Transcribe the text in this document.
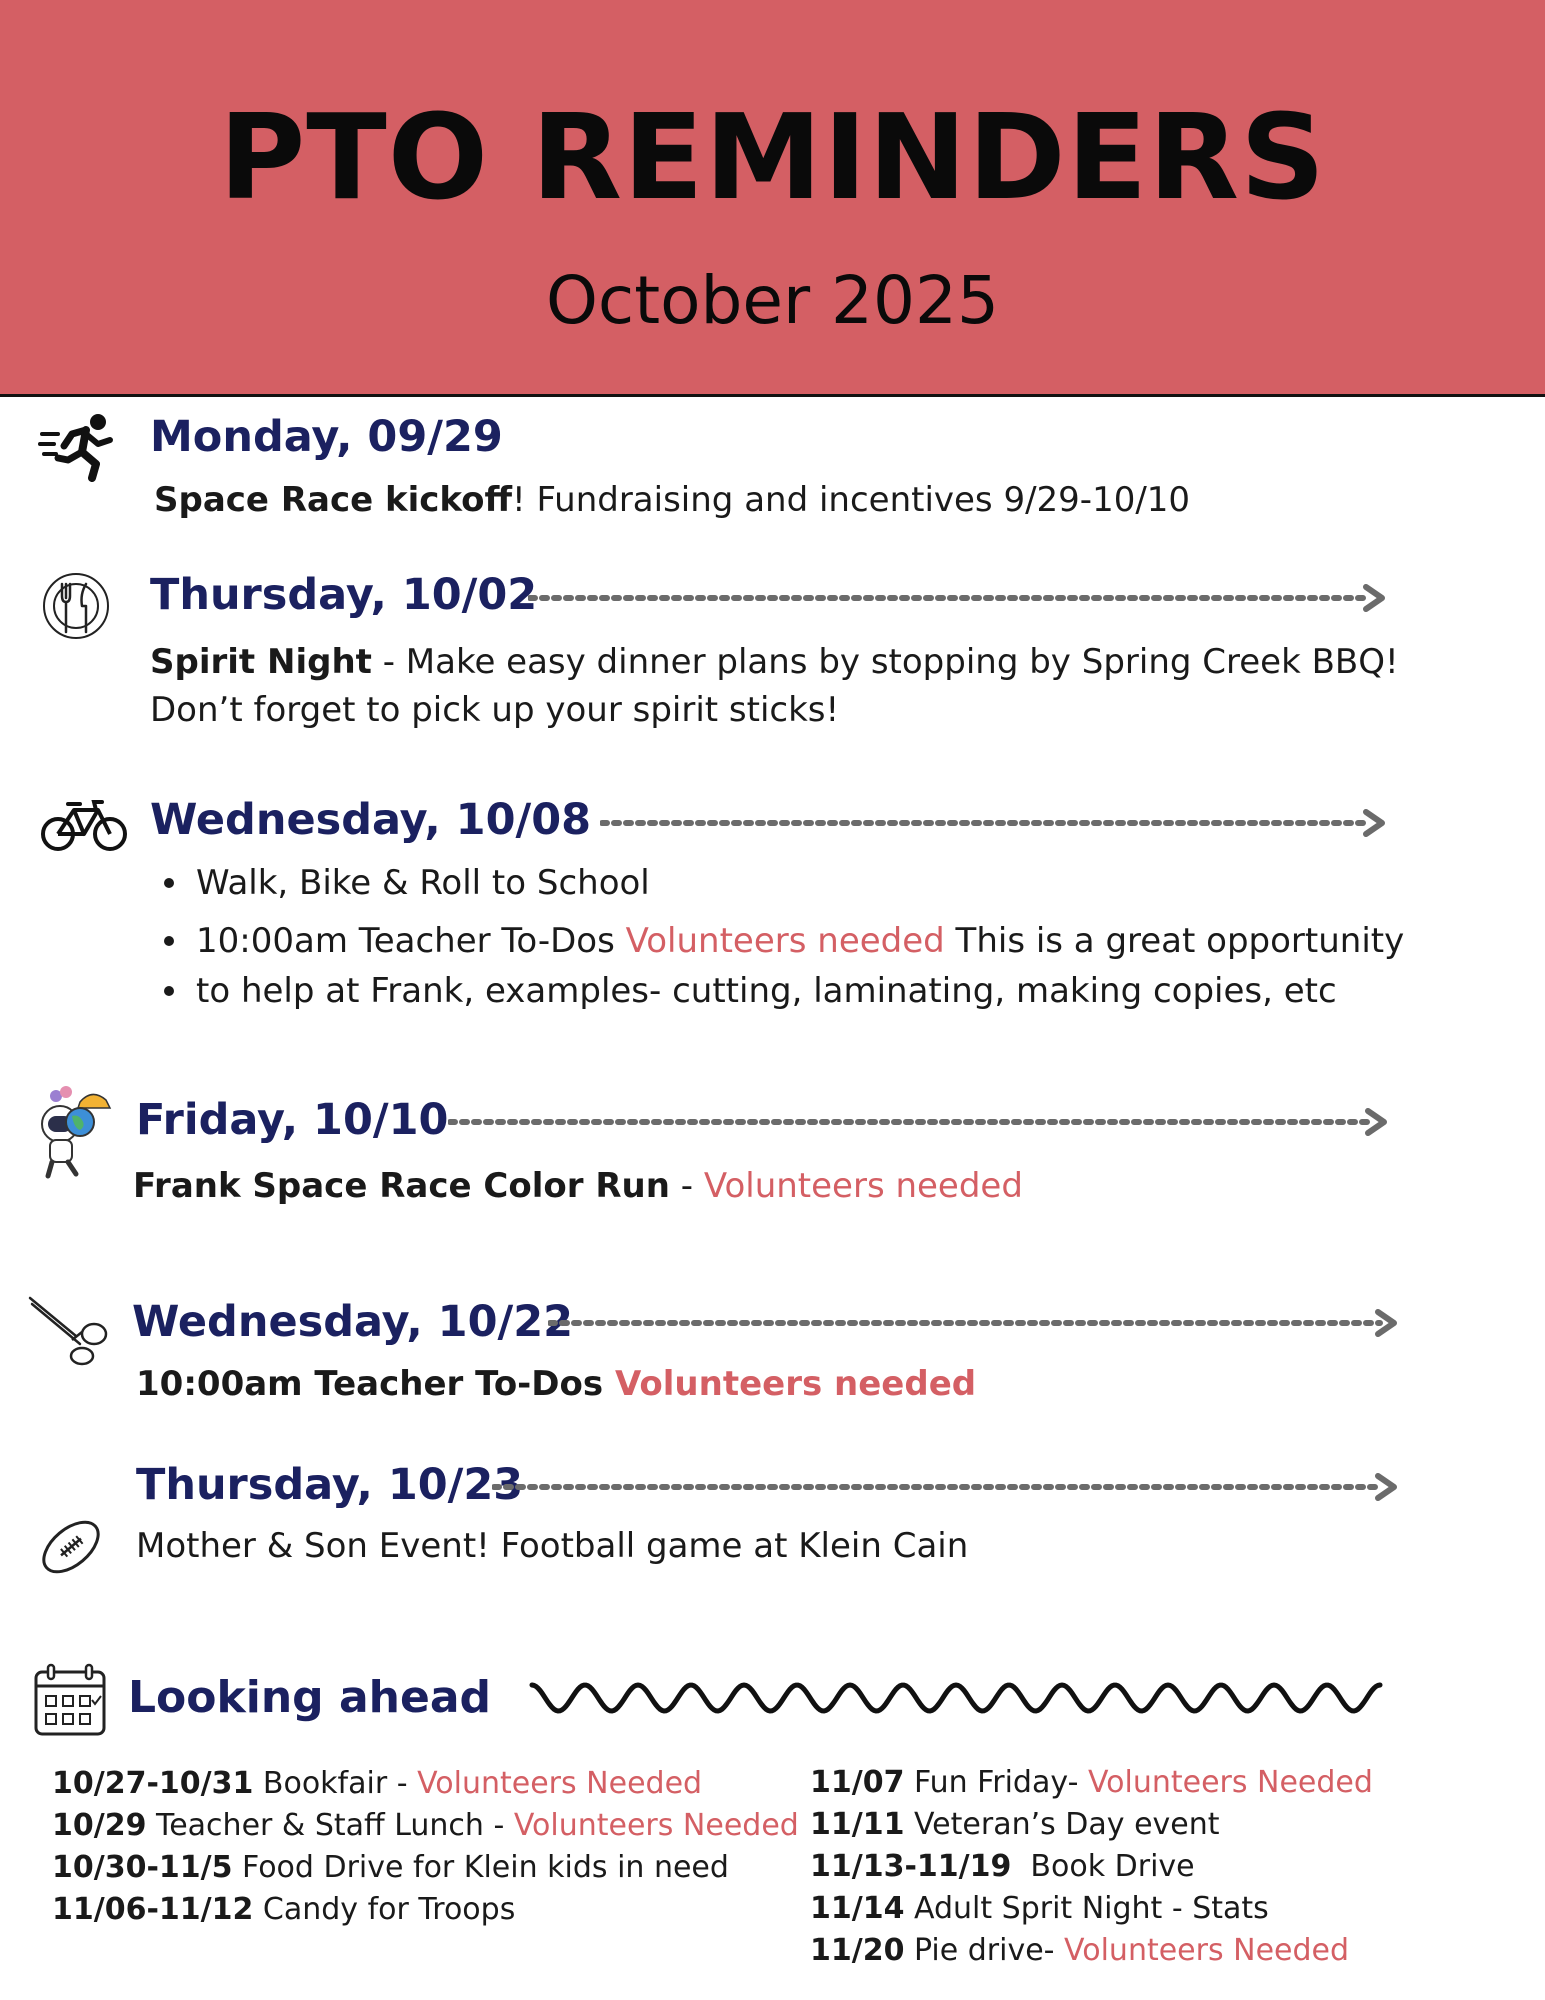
PTO REMINDERS
October 2025
Monday, 09/29
Space Race kickoff! Fundraising and incentives 9/29-10/10
Thursday, 10/02
Spirit Night - Make easy dinner plans by stopping by Spring Creek BBQ!
Don’t forget to pick up your spirit sticks!
Wednesday, 10/08
Walk, Bike & Roll to School
10:00am Teacher To-Dos Volunteers needed This is a great opportunity
to help at Frank, examples- cutting, laminating, making copies, etc
Friday, 10/10
Frank Space Race Color Run - Volunteers needed
Wednesday, 10/22
10:00am Teacher To-Dos Volunteers needed
Thursday, 10/23
Mother & Son Event! Football game at Klein Cain
Looking ahead
10/27-10/31 Bookfair - Volunteers Needed
10/29 Teacher & Staff Lunch - Volunteers Needed
10/30-11/5 Food Drive for Klein kids in need
11/06-11/12 Candy for Troops
11/07 Fun Friday- Volunteers Needed
11/11 Veteran’s Day event
11/13-11/19  Book Drive
11/14 Adult Sprit Night - Stats
11/20 Pie drive- Volunteers Needed
